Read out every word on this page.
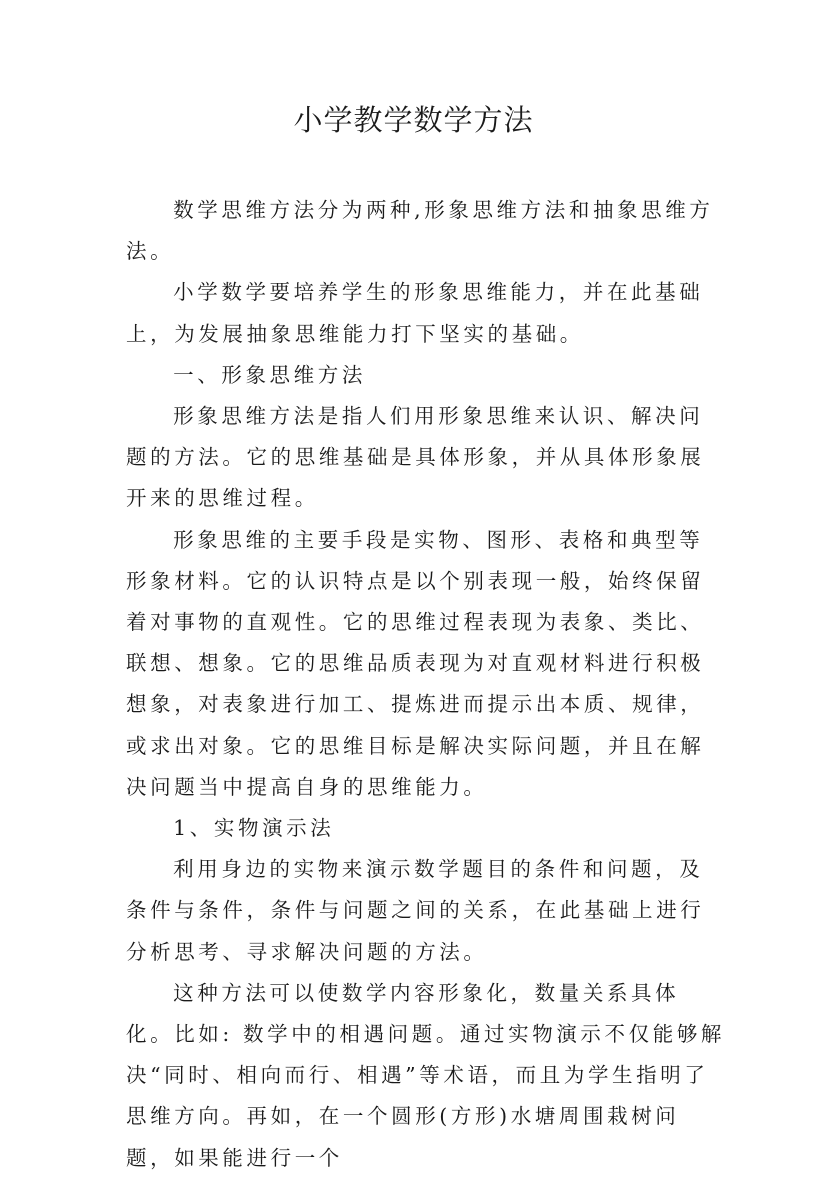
小学教学数学方法

数学思维方法分为两种,形象思维方法和抽象思维方法。

小学数学要培养学生的形象思维能力，并在此基础上，为发展抽象思维能力打下坚实的基础。

一、形象思维方法

形象思维方法是指人们用形象思维来认识、解决问题的方法。它的思维基础是具体形象，并从具体形象展开来的思维过程。

形象思维的主要手段是实物、图形、表格和典型等形象材料。它的认识特点是以个别表现一般，始终保留着对事物的直观性。它的思维过程表现为表象、类比、联想、想象。它的思维品质表现为对直观材料进行积极想象，对表象进行加工、提炼进而提示出本质、规律，或求出对象。它的思维目标是解决实际问题，并且在解决问题当中提高自身的思维能力。

1、实物演示法

利用身边的实物来演示数学题目的条件和问题，及条件与条件，条件与问题之间的关系，在此基础上进行分析思考、寻求解决问题的方法。

这种方法可以使数学内容形象化，数量关系具体化。比如: 数学中的相遇问题。通过实物演示不仅能够解决“同时、相向而行、相遇”等术语，而且为学生指明了思维方向。再如，在一个圆形(方形)水塘周围栽树问题，如果能进行一个
